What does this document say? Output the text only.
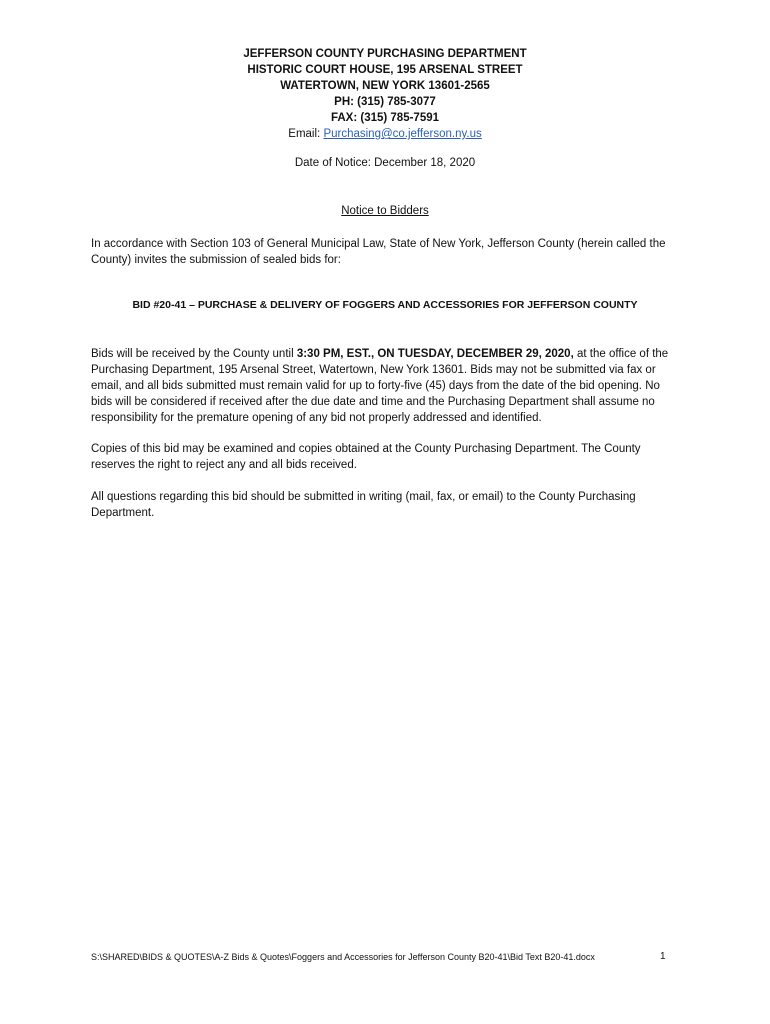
JEFFERSON COUNTY PURCHASING DEPARTMENT
HISTORIC COURT HOUSE, 195 ARSENAL STREET
WATERTOWN, NEW YORK 13601-2565
PH: (315) 785-3077
FAX: (315) 785-7591
Email: Purchasing@co.jefferson.ny.us
Date of Notice: December 18, 2020
Notice to Bidders
In accordance with Section 103 of General Municipal Law, State of New York, Jefferson County (herein called the County) invites the submission of sealed bids for:
BID #20-41 – PURCHASE & DELIVERY OF FOGGERS AND ACCESSORIES FOR JEFFERSON COUNTY
Bids will be received by the County until 3:30 PM, EST., ON TUESDAY, DECEMBER 29, 2020, at the office of the Purchasing Department, 195 Arsenal Street, Watertown, New York 13601. Bids may not be submitted via fax or email, and all bids submitted must remain valid for up to forty-five (45) days from the date of the bid opening. No bids will be considered if received after the due date and time and the Purchasing Department shall assume no responsibility for the premature opening of any bid not properly addressed and identified.
Copies of this bid may be examined and copies obtained at the County Purchasing Department. The County reserves the right to reject any and all bids received.
All questions regarding this bid should be submitted in writing (mail, fax, or email) to the County Purchasing Department.
S:\SHARED\BIDS & QUOTES\A-Z Bids & Quotes\Foggers and Accessories for Jefferson County B20-41\Bid Text B20-41.docx	1
